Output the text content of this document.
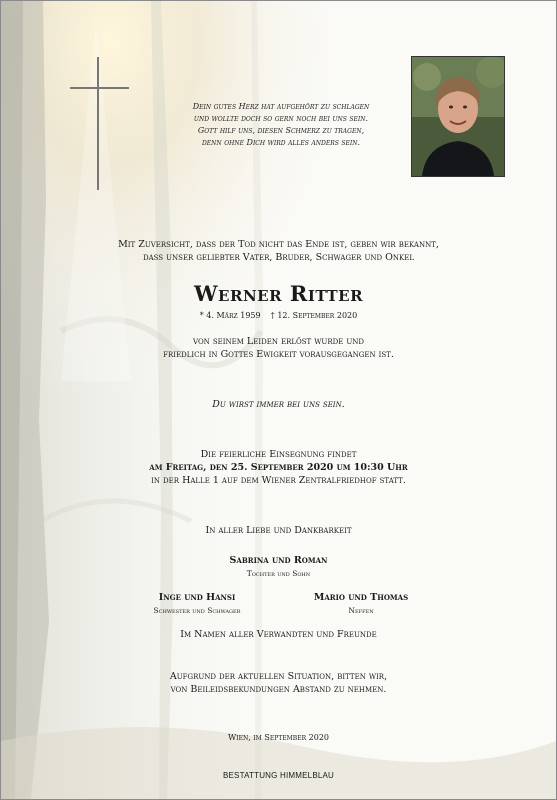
Dein gutes Herz hat aufgehört zu schlagen
und wollte doch so gern noch bei uns sein.
Gott hilf uns, diesen Schmerz zu tragen,
denn ohne Dich wird alles anders sein.
Mit Zuversicht, dass der Tod nicht das Ende ist, geben wir bekannt,
dass unser geliebter Vater, Bruder, Schwager und Onkel
Werner Ritter
* 4. März 1959 † 12. September 2020
von seinem Leiden erlöst wurde und
friedlich in Gottes Ewigkeit vorausgegangen ist.
Du wirst immer bei uns sein.
Die feierliche Einsegnung findet
am Freitag, den 25. September 2020 um 10:30 Uhr
in der Halle 1 auf dem Wiener Zentralfriedhof statt.
In aller Liebe und Dankbarkeit
Sabrina und Roman
Tochter und Sohn
Inge und Hansi
Schwester und Schwager
Mario und Thomas
Neffen
Im Namen aller Verwandten und Freunde
Aufgrund der aktuellen Situation, bitten wir,
von Beileidsbekundungen Abstand zu nehmen.
Wien, im September 2020
BESTATTUNG HIMMELBLAU
